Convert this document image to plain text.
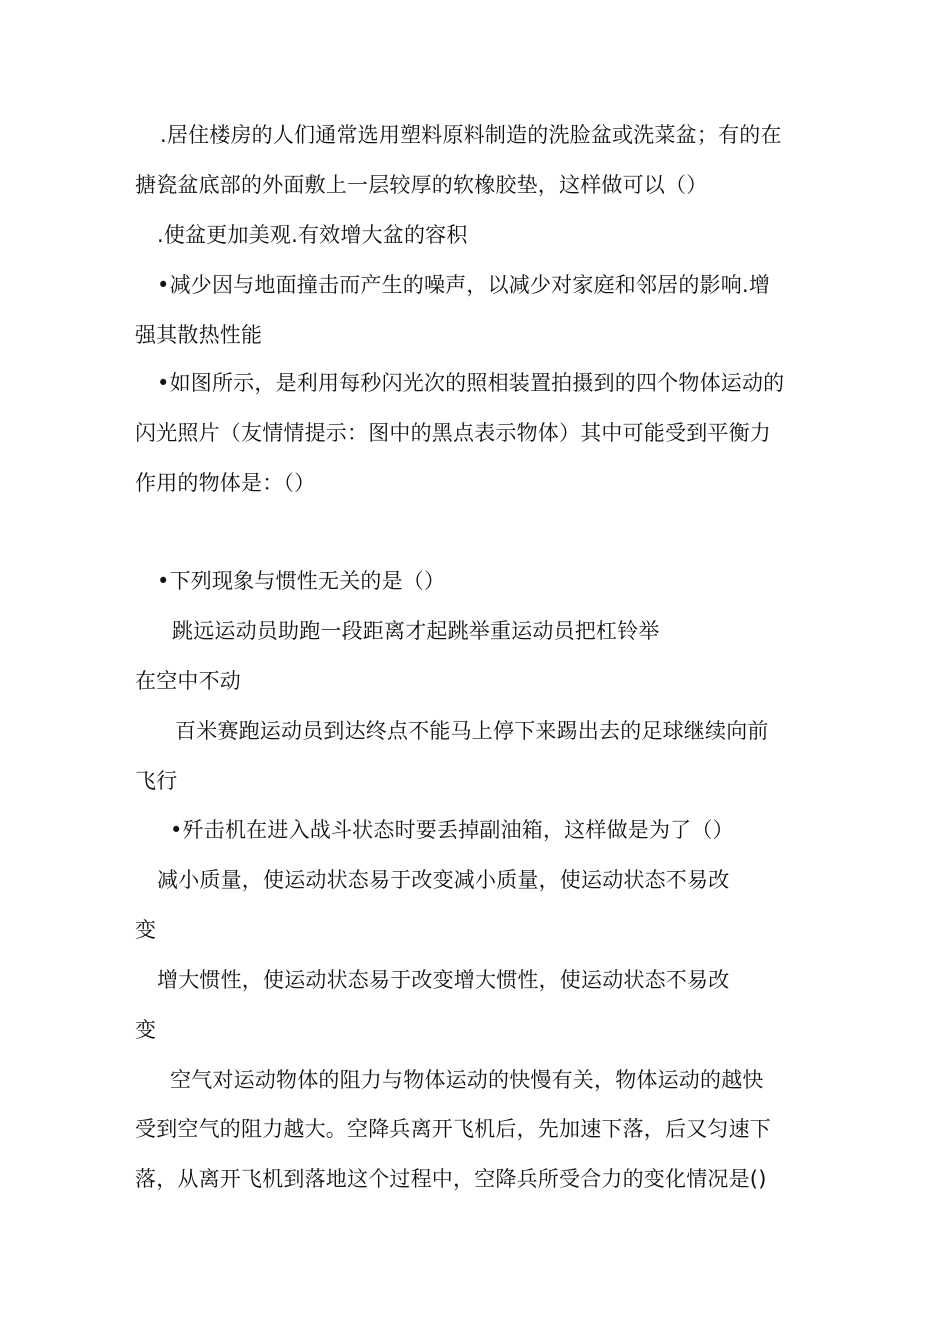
.居住楼房的人们通常选用塑料原料制造的洗脸盆或洗菜盆；有的在
搪瓷盆底部的外面敷上一层较厚的软橡胶垫，这样做可以（）
.使盆更加美观.有效增大盆的容积
•减少因与地面撞击而产生的噪声，以减少对家庭和邻居的影响.增
强其散热性能
•如图所示，是利用每秒闪光次的照相装置拍摄到的四个物体运动的
闪光照片（友情情提示：图中的黑点表示物体）其中可能受到平衡力
作用的物体是：（）
•下列现象与惯性无关的是（）
跳远运动员助跑一段距离才起跳举重运动员把杠铃举
在空中不动
百米赛跑运动员到达终点不能马上停下来踢出去的足球继续向前
飞行
•歼击机在进入战斗状态时要丢掉副油箱，这样做是为了（）
减小质量，使运动状态易于改变减小质量，使运动状态不易改
变
增大惯性，使运动状态易于改变增大惯性，使运动状态不易改
变
空气对运动物体的阻力与物体运动的快慢有关，物体运动的越快
受到空气的阻力越大。空降兵离开飞机后，先加速下落，后又匀速下
落，从离开飞机到落地这个过程中，空降兵所受合力的变化情况是()
